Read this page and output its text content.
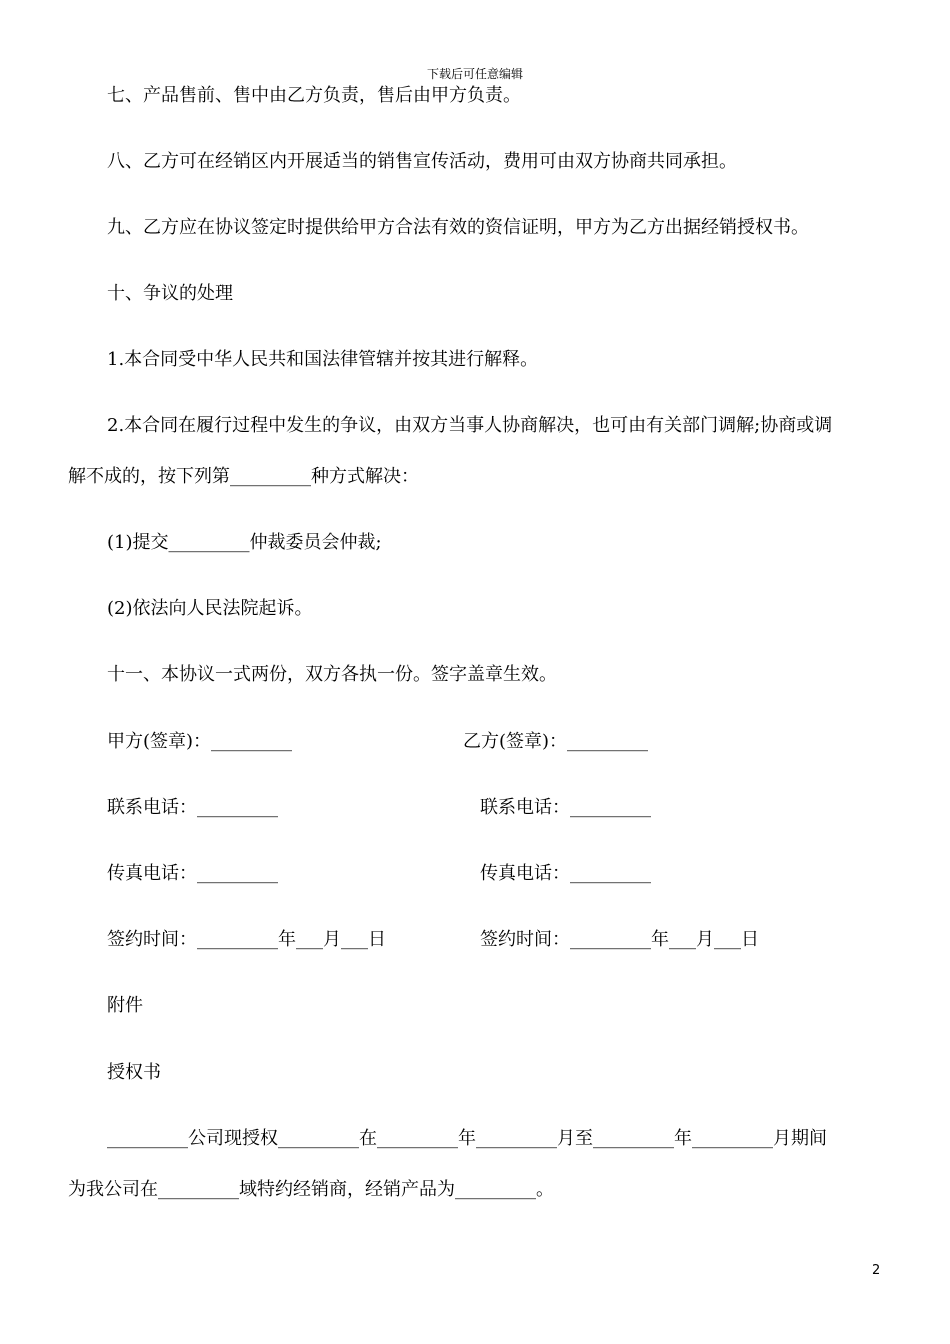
下载后可任意编辑
七、产品售前、售中由乙方负责，售后由甲方负责。
八、乙方可在经销区内开展适当的销售宣传活动，费用可由双方协商共同承担。
九、乙方应在协议签定时提供给甲方合法有效的资信证明，甲方为乙方出据经销授权书。
十、争议的处理
1.本合同受中华人民共和国法律管辖并按其进行解释。
2.本合同在履行过程中发生的争议，由双方当事人协商解决，也可由有关部门调解;协商或调
解不成的，按下列第_________种方式解决：
(1)提交_________仲裁委员会仲裁;
(2)依法向人民法院起诉。
十一、本协议一式两份，双方各执一份。签字盖章生效。
甲方(签章)：_________	乙方(签章)：_________
联系电话：_________	联系电话：_________
传真电话：_________	传真电话：_________
签约时间：_________年___月___日	签约时间：_________年___月___日
附件
授权书
_________公司现授权_________在_________年_________月至_________年_________月期间
为我公司在_________域特约经销商，经销产品为_________。
2
